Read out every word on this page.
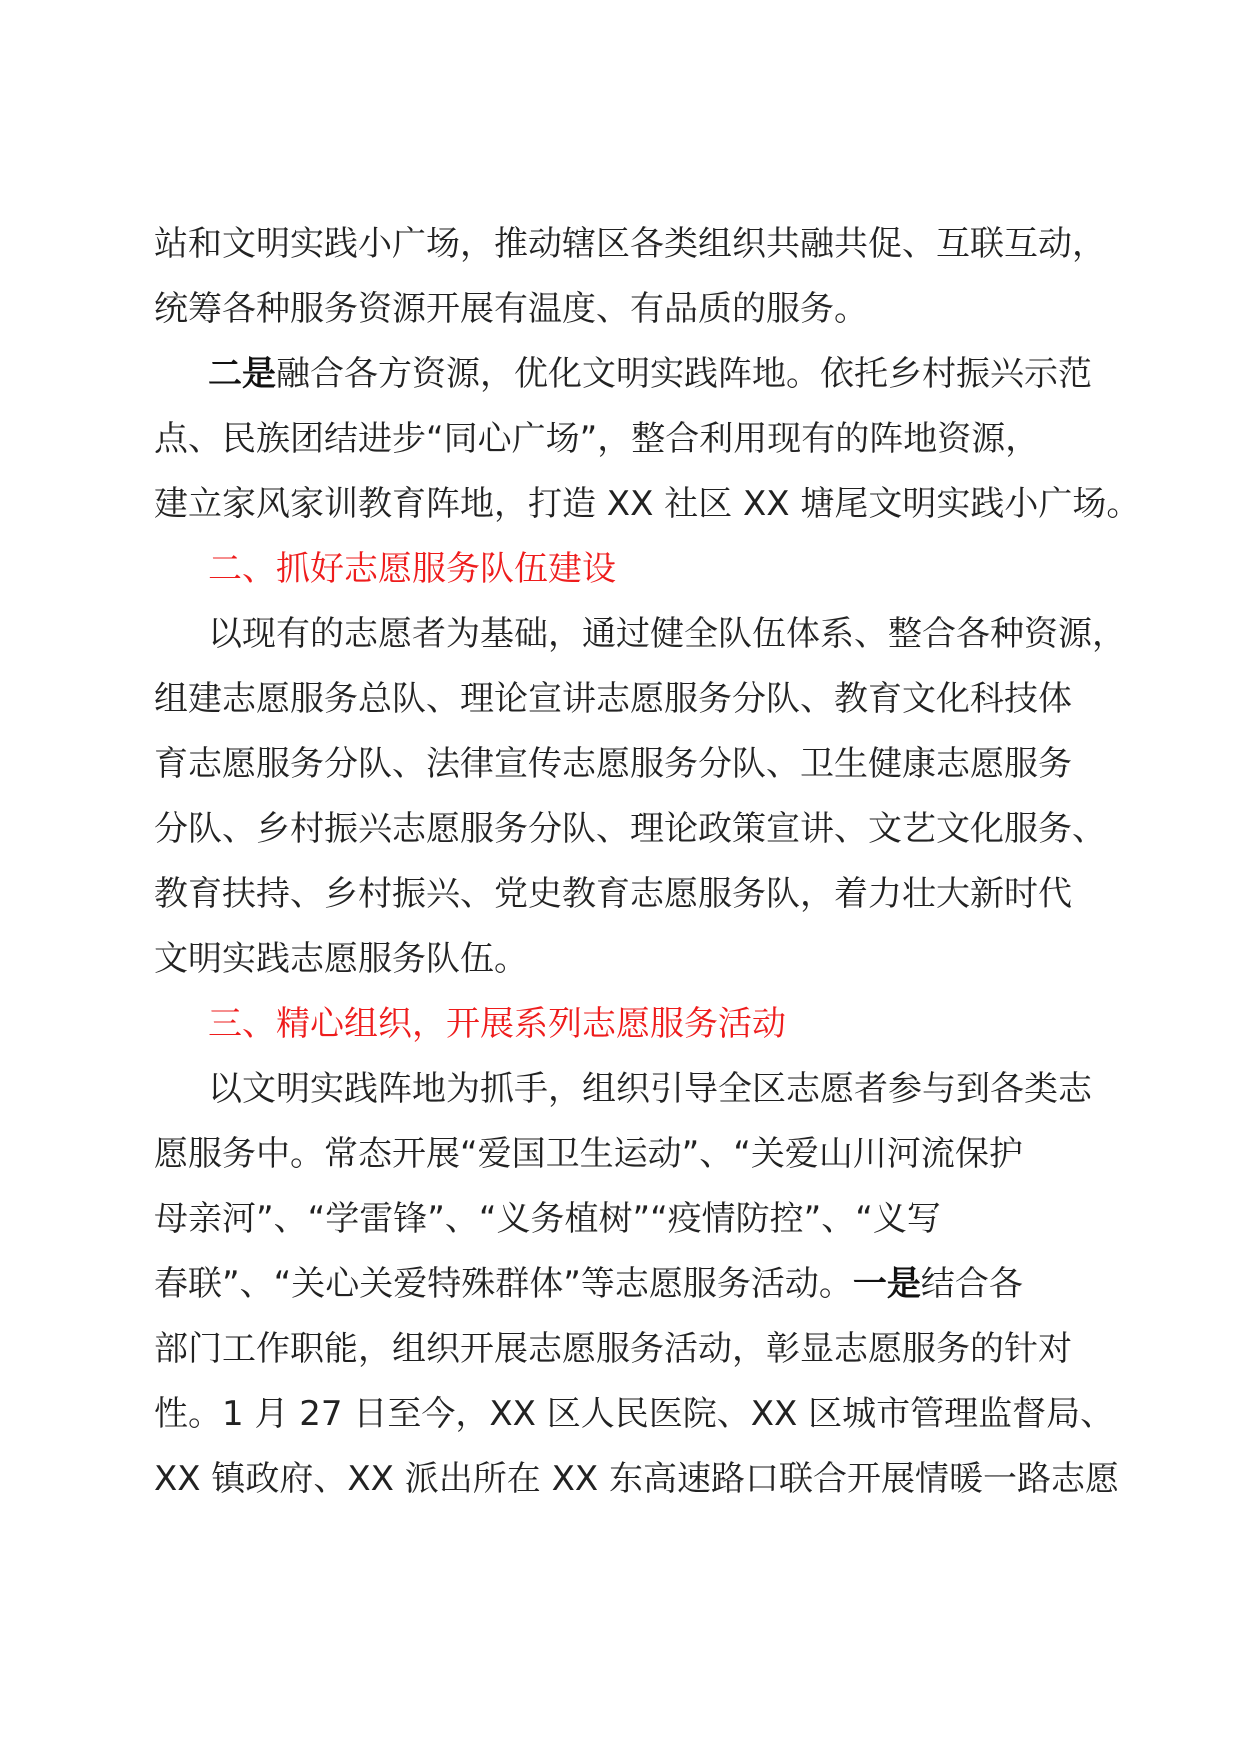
站和文明实践小广场，推动辖区各类组织共融共促、互联互动，
统筹各种服务资源开展有温度、有品质的服务。
二是融合各方资源，优化文明实践阵地。依托乡村振兴示范
点、民族团结进步“同心广场”，整合利用现有的阵地资源，
建立家风家训教育阵地，打造 XX 社区 XX 塘尾文明实践小广场。
二、抓好志愿服务队伍建设
以现有的志愿者为基础，通过健全队伍体系、整合各种资源，
组建志愿服务总队、理论宣讲志愿服务分队、教育文化科技体
育志愿服务分队、法律宣传志愿服务分队、卫生健康志愿服务
分队、乡村振兴志愿服务分队、理论政策宣讲、文艺文化服务、
教育扶持、乡村振兴、党史教育志愿服务队，着力壮大新时代
文明实践志愿服务队伍。
三、精心组织，开展系列志愿服务活动
以文明实践阵地为抓手，组织引导全区志愿者参与到各类志
愿服务中。常态开展“爱国卫生运动”、“关爱山川河流保护
母亲河”、“学雷锋”、“义务植树”“疫情防控”、“义写
春联”、“关心关爱特殊群体”等志愿服务活动。一是结合各
部门工作职能，组织开展志愿服务活动，彰显志愿服务的针对
性。1 月 27 日至今，XX 区人民医院、XX 区城市管理监督局、
XX 镇政府、XX 派出所在 XX 东高速路口联合开展情暖一路志愿
